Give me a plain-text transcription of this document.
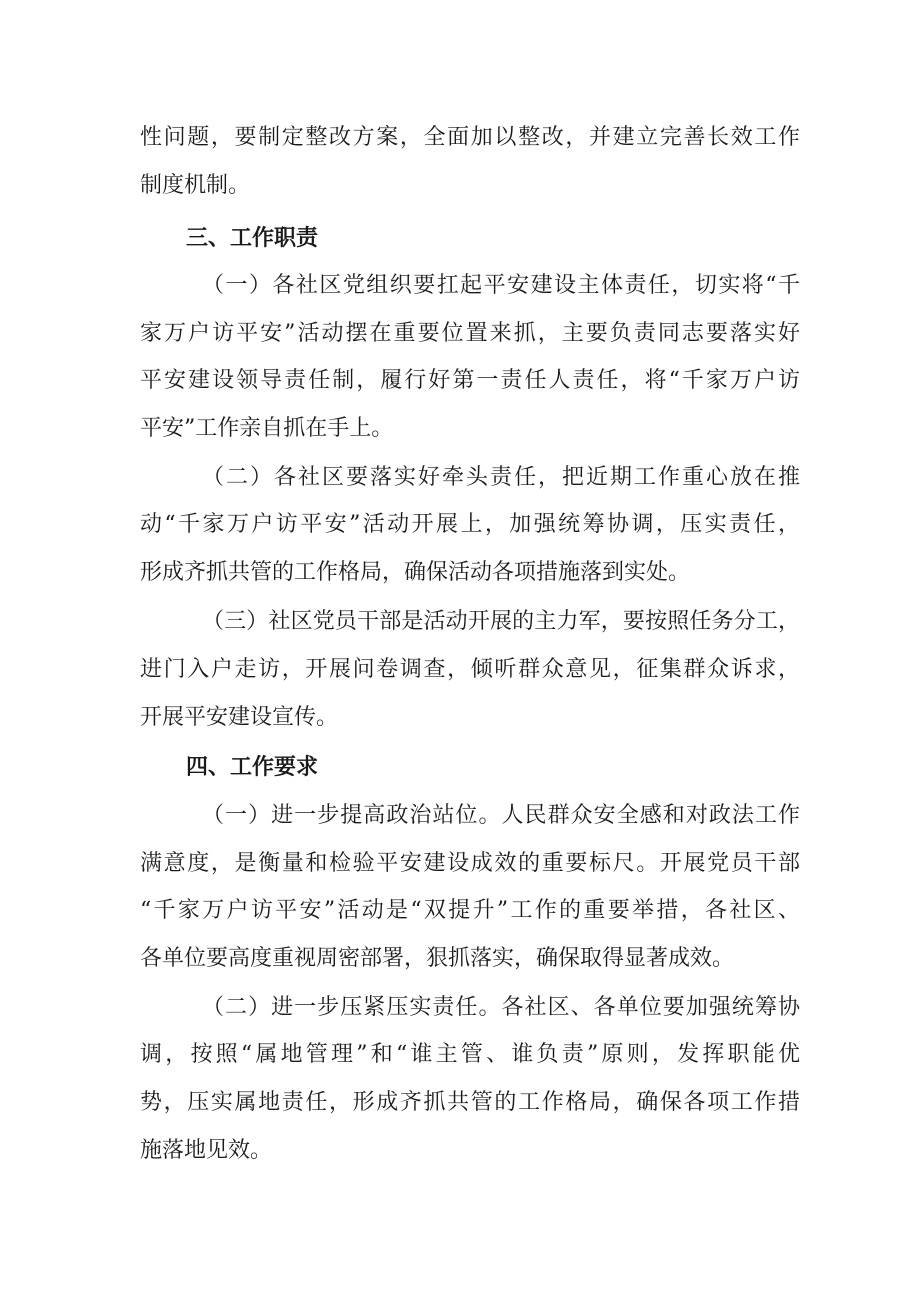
性问题，要制定整改方案，全面加以整改，并建立完善长效工作
制度机制。
三、工作职责
（一）各社区党组织要扛起平安建设主体责任，切实将“千
家万户访平安”活动摆在重要位置来抓，主要负责同志要落实好
平安建设领导责任制，履行好第一责任人责任，将“千家万户访
平安”工作亲自抓在手上。
（二）各社区要落实好牵头责任，把近期工作重心放在推
动“千家万户访平安”活动开展上，加强统筹协调，压实责任，
形成齐抓共管的工作格局，确保活动各项措施落到实处。
（三）社区党员干部是活动开展的主力军，要按照任务分工，
进门入户走访，开展问卷调查，倾听群众意见，征集群众诉求，
开展平安建设宣传。
四、工作要求
（一）进一步提高政治站位。人民群众安全感和对政法工作
满意度，是衡量和检验平安建设成效的重要标尺。开展党员干部
“千家万户访平安”活动是“双提升”工作的重要举措，各社区、
各单位要高度重视周密部署，狠抓落实，确保取得显著成效。
（二）进一步压紧压实责任。各社区、各单位要加强统筹协
调，按照“属地管理”和“谁主管、谁负责”原则，发挥职能优
势，压实属地责任，形成齐抓共管的工作格局，确保各项工作措
施落地见效。
